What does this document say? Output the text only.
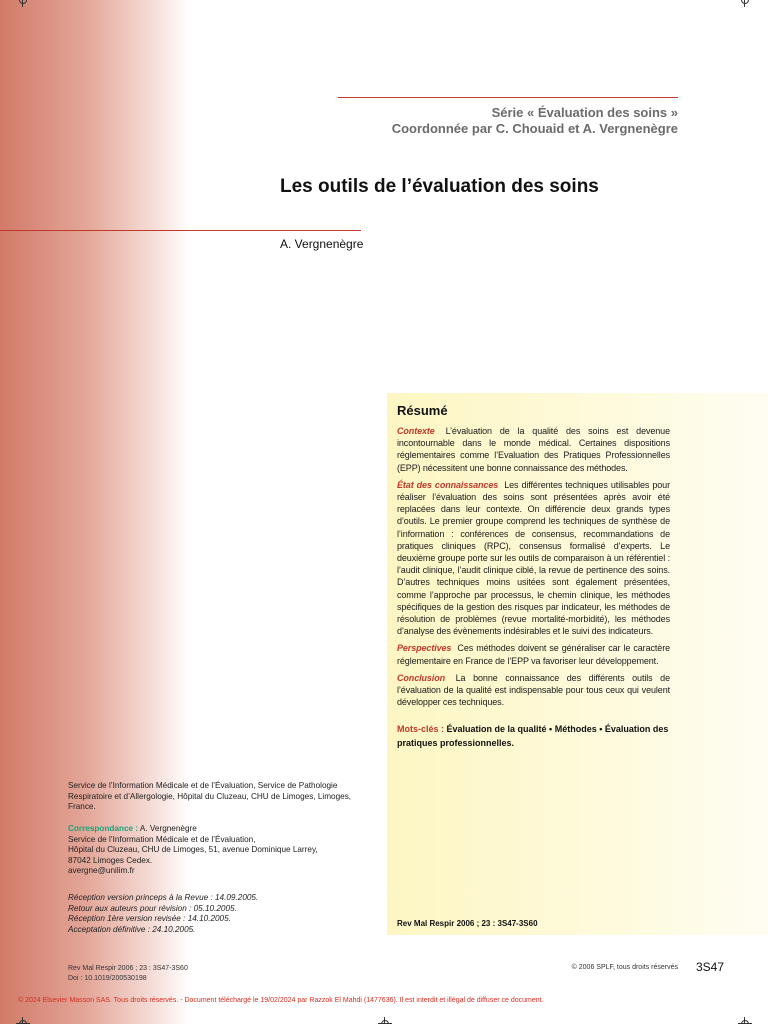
Série « Évaluation des soins »
Coordonnée par C. Chouaid et A. Vergnenègre
Les outils de l’évaluation des soins
A. Vergnenègre
Résumé

Contexte L’évaluation de la qualité des soins est devenue incontournable dans le monde médical. Certaines dispositions réglementaires comme l’Evaluation des Pratiques Professionnelles (EPP) nécessitent une bonne connaissance des méthodes.

État des connaissances Les différentes techniques utilisables pour réaliser l’évaluation des soins sont présentées après avoir été replacées dans leur contexte. On différencie deux grands types d’outils. Le premier groupe comprend les techniques de synthèse de l’information : conférences de consensus, recommandations de pratiques cliniques (RPC), consensus formalisé d’experts. Le deuxième groupe porte sur les outils de comparaison à un référentiel : l’audit clinique, l’audit clinique ciblé, la revue de pertinence des soins. D’autres techniques moins usitées sont également présentées, comme l’approche par processus, le chemin clinique, les méthodes spécifiques de la gestion des risques par indicateur, les méthodes de résolution de problèmes (revue mortalité-morbidité), les méthodes d’analyse des évènements indésirables et le suivi des indicateurs.

Perspectives Ces méthodes doivent se généraliser car le caractère réglementaire en France de l’EPP va favoriser leur développement.

Conclusion La bonne connaissance des différents outils de l’évaluation de la qualité est indispensable pour tous ceux qui veulent développer ces techniques.

Mots-clés : Évaluation de la qualité • Méthodes • Évaluation des pratiques professionnelles.

Rev Mal Respir 2006 ; 23 : 3S47-3S60
Service de l’Information Médicale et de l’Évaluation, Service de Pathologie Respiratoire et d’Allergologie, Hôpital du Cluzeau, CHU de Limoges, Limoges, France.
Correspondance : A. Vergnenègre
Service de l’Information Médicale et de l’Évaluation,
Hôpital du Cluzeau, CHU de Limoges, 51, avenue Dominique Larrey,
87042 Limoges Cedex.
avergne@unilim.fr
Réception version princeps à la Revue : 14.09.2005.
Retour aux auteurs pour révision : 05.10.2005.
Réception 1ère version revisée : 14.10.2005.
Acceptation définitive : 24.10.2005.
Rev Mal Respir 2006 ; 23 : 3S47-3S60
Doi : 10.1019/200530198
© 2006 SPLF, tous droits réservés 3S47
© 2024 Elsevier Masson SAS. Tous droits réservés. - Document téléchargé le 19/02/2024 par Razzok El Mahdi (1477636). Il est interdit et illégal de diffuser ce document.
